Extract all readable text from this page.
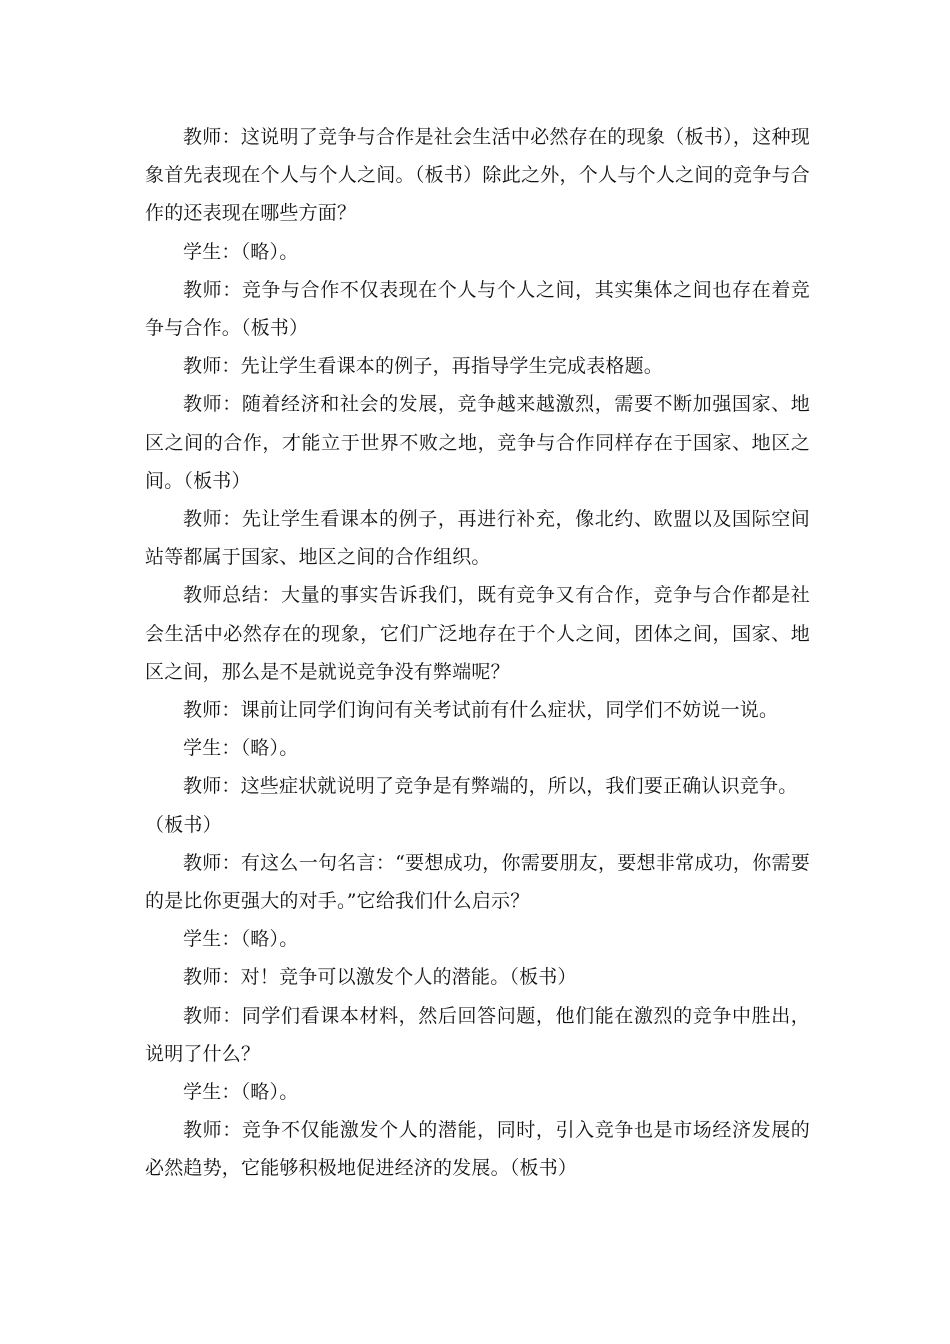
教师：这说明了竞争与合作是社会生活中必然存在的现象（板书），这种现象首先表现在个人与个人之间。（板书）除此之外，个人与个人之间的竞争与合作的还表现在哪些方面？

学生：（略）。

教师：竞争与合作不仅表现在个人与个人之间，其实集体之间也存在着竞争与合作。（板书）

教师：先让学生看课本的例子，再指导学生完成表格题。

教师：随着经济和社会的发展，竞争越来越激烈，需要不断加强国家、地区之间的合作，才能立于世界不败之地，竞争与合作同样存在于国家、地区之间。（板书）

教师：先让学生看课本的例子，再进行补充，像北约、欧盟以及国际空间站等都属于国家、地区之间的合作组织。

教师总结：大量的事实告诉我们，既有竞争又有合作，竞争与合作都是社会生活中必然存在的现象，它们广泛地存在于个人之间，团体之间，国家、地区之间，那么是不是就说竞争没有弊端呢？

教师：课前让同学们询问有关考试前有什么症状，同学们不妨说一说。

学生：（略）。

教师：这些症状就说明了竞争是有弊端的，所以，我们要正确认识竞争。

（板书）

教师：有这么一句名言：“要想成功，你需要朋友，要想非常成功，你需要的是比你更强大的对手。”它给我们什么启示？

学生：（略）。

教师：对！竞争可以激发个人的潜能。（板书）

教师：同学们看课本材料，然后回答问题，他们能在激烈的竞争中胜出，说明了什么？

学生：（略）。

教师：竞争不仅能激发个人的潜能，同时，引入竞争也是市场经济发展的必然趋势，它能够积极地促进经济的发展。（板书）
